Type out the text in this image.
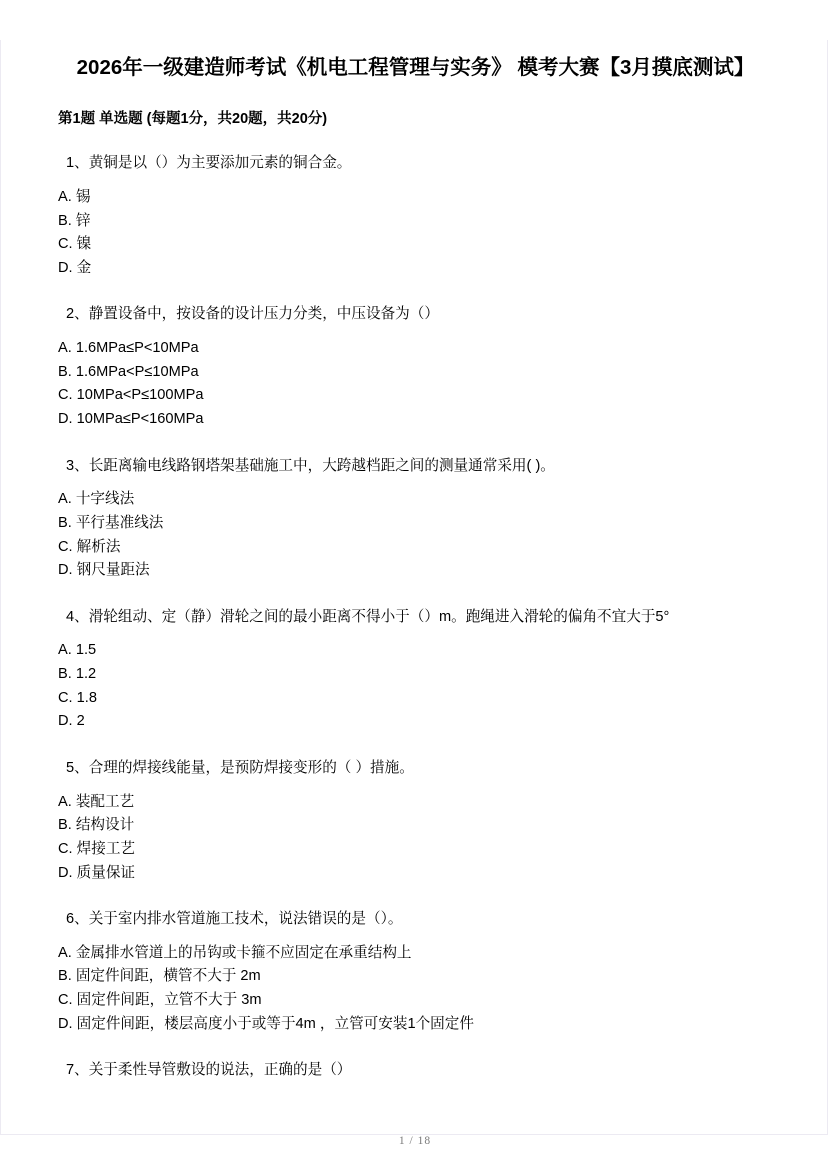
2026年一级建造师考试《机电工程管理与实务》 模考大赛【3月摸底测试】
第1题 单选题 (每题1分，共20题，共20分)
1、黄铜是以（）为主要添加元素的铜合金。
A. 锡
B. 锌
C. 镍
D. 金
2、静置设备中，按设备的设计压力分类，中压设备为（）
A. 1.6MPa≤P<10MPa
B. 1.6MPa<P≤10MPa
C. 10MPa<P≤100MPa
D. 10MPa≤P<160MPa
3、长距离输电线路钢塔架基础施工中，大跨越档距之间的测量通常采用( )。
A. 十字线法
B. 平行基准线法
C. 解析法
D. 钢尺量距法
4、滑轮组动、定（静）滑轮之间的最小距离不得小于（）m。跑绳进入滑轮的偏角不宜大于5°
A. 1.5
B. 1.2
C. 1.8
D. 2
5、合理的焊接线能量，是预防焊接变形的（ ）措施。
A. 装配工艺
B. 结构设计
C. 焊接工艺
D. 质量保证
6、关于室内排水管道施工技术，说法错误的是（）。
A. 金属排水管道上的吊钩或卡箍不应固定在承重结构上
B. 固定件间距，横管不大于 2m
C. 固定件间距，立管不大于 3m
D. 固定件间距，楼层高度小于或等于4m ，立管可安装1个固定件
7、关于柔性导管敷设的说法，正确的是（）
1 / 18
